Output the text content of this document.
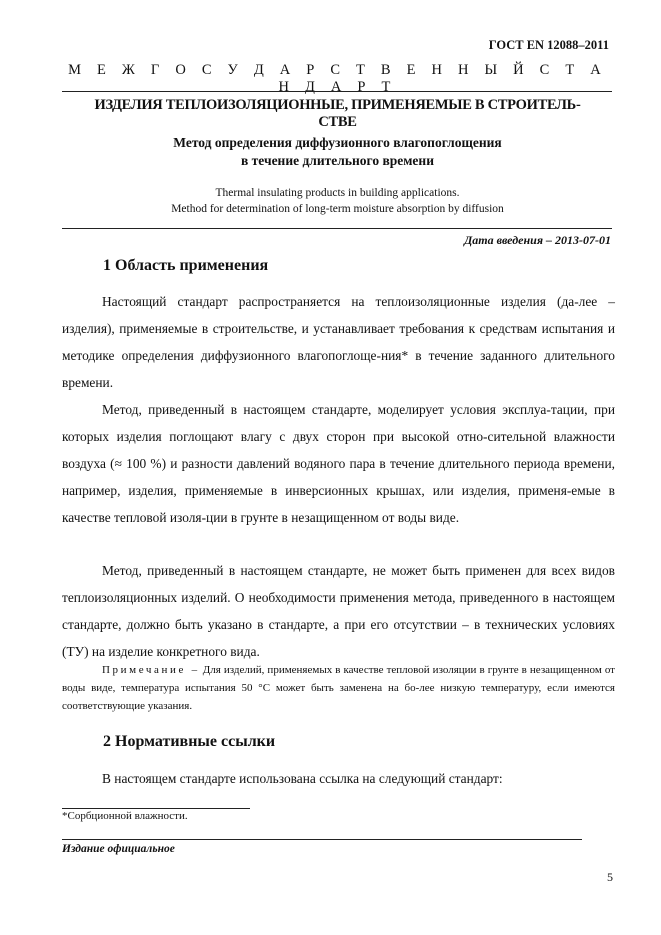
ГОСТ EN 12088–2011
М Е Ж Г О С У Д А Р С Т В Е Н Н Ы Й С Т А Н Д А Р Т
ИЗДЕЛИЯ ТЕПЛОИЗОЛЯЦИОННЫЕ, ПРИМЕНЯЕМЫЕ В СТРОИТЕЛЬ-
СТВЕ
Метод определения диффузионного влагопоглощения
в течение длительного времени
Thermal insulating products in building applications.
Method for determination of long-term moisture absorption by diffusion
Дата введения – 2013-07-01
1 Область применения
Настоящий стандарт распространяется на теплоизоляционные изделия (да-лее – изделия), применяемые в строительстве, и устанавливает требования к средствам испытания и методике определения диффузионного влагопоглоще-ния* в течение заданного длительного времени.
Метод, приведенный в настоящем стандарте, моделирует условия эксплуа-тации, при которых изделия поглощают влагу с двух сторон при высокой отно-сительной влажности воздуха (≈ 100 %) и разности давлений водяного пара в течение длительного периода времени, например, изделия, применяемые в инверсионных крышах, или изделия, применя-емые в качестве тепловой изоля-ции в грунте в незащищенном от воды виде.
Метод, приведенный в настоящем стандарте, не может быть применен для всех видов теплоизоляционных изделий. О необходимости применения метода, приведенного в настоящем стандарте, должно быть указано в стандарте, а при его отсутствии – в технических условиях (ТУ) на изделие конкретного вида.
Примечание – Для изделий, применяемых в качестве тепловой изоляции в грунте в незащищенном от воды виде, температура испытания 50 °С может быть заменена на бо-лее низкую температуру, если имеются соответствующие указания.
2 Нормативные ссылки
В настоящем стандарте использована ссылка на следующий стандарт:
*Сорбционной влажности.
Издание официальное
5
